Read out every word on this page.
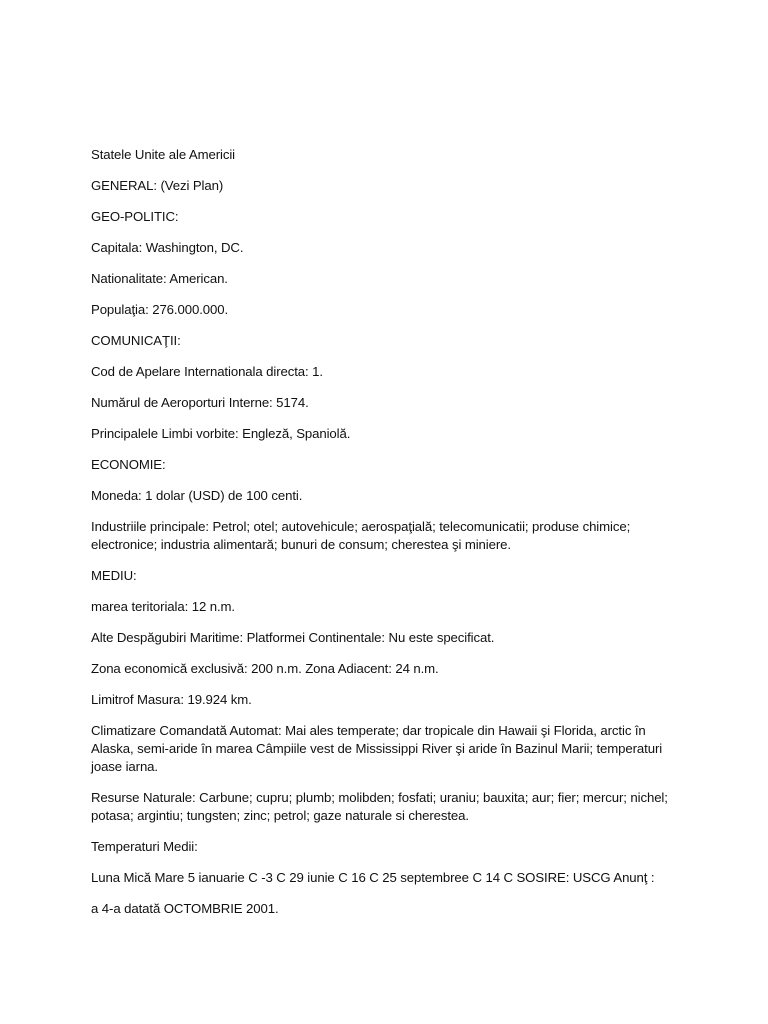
Statele Unite ale Americii

GENERAL: (Vezi Plan)

GEO-POLITIC:

Capitala: Washington, DC.

Nationalitate: American.

Populaţia: 276.000.000.

COMUNICAŢII:

Cod de Apelare Internationala directa: 1.

Numărul de Aeroporturi Interne: 5174.

Principalele Limbi vorbite: Engleză, Spaniolă.

ECONOMIE:

Moneda: 1 dolar (USD) de 100 centi.

Industriile principale: Petrol; otel; autovehicule; aerospaţială; telecomunicatii; produse chimice; electronice; industria alimentară; bunuri de consum; cherestea şi miniere.

MEDIU:

marea teritoriala: 12 n.m.

Alte Despăgubiri Maritime: Platformei Continentale: Nu este specificat.

Zona economică exclusivă: 200 n.m. Zona Adiacent: 24 n.m.

Limitrof Masura: 19.924 km.

Climatizare Comandată Automat: Mai ales temperate; dar tropicale din Hawaii şi Florida, arctic în Alaska, semi-aride în marea Câmpiile vest de Mississippi River şi aride în Bazinul Marii; temperaturi joase iarna.

Resurse Naturale: Carbune; cupru; plumb; molibden; fosfati; uraniu; bauxita; aur; fier; mercur; nichel; potasa; argintiu; tungsten; zinc; petrol; gaze naturale si cherestea.

Temperaturi Medii:

Luna Mică Mare 5 ianuarie C -3 C 29 iunie C 16 C 25 septembree C 14 C SOSIRE: USCG Anunţ :

a 4-a datată OCTOMBRIE 2001.
